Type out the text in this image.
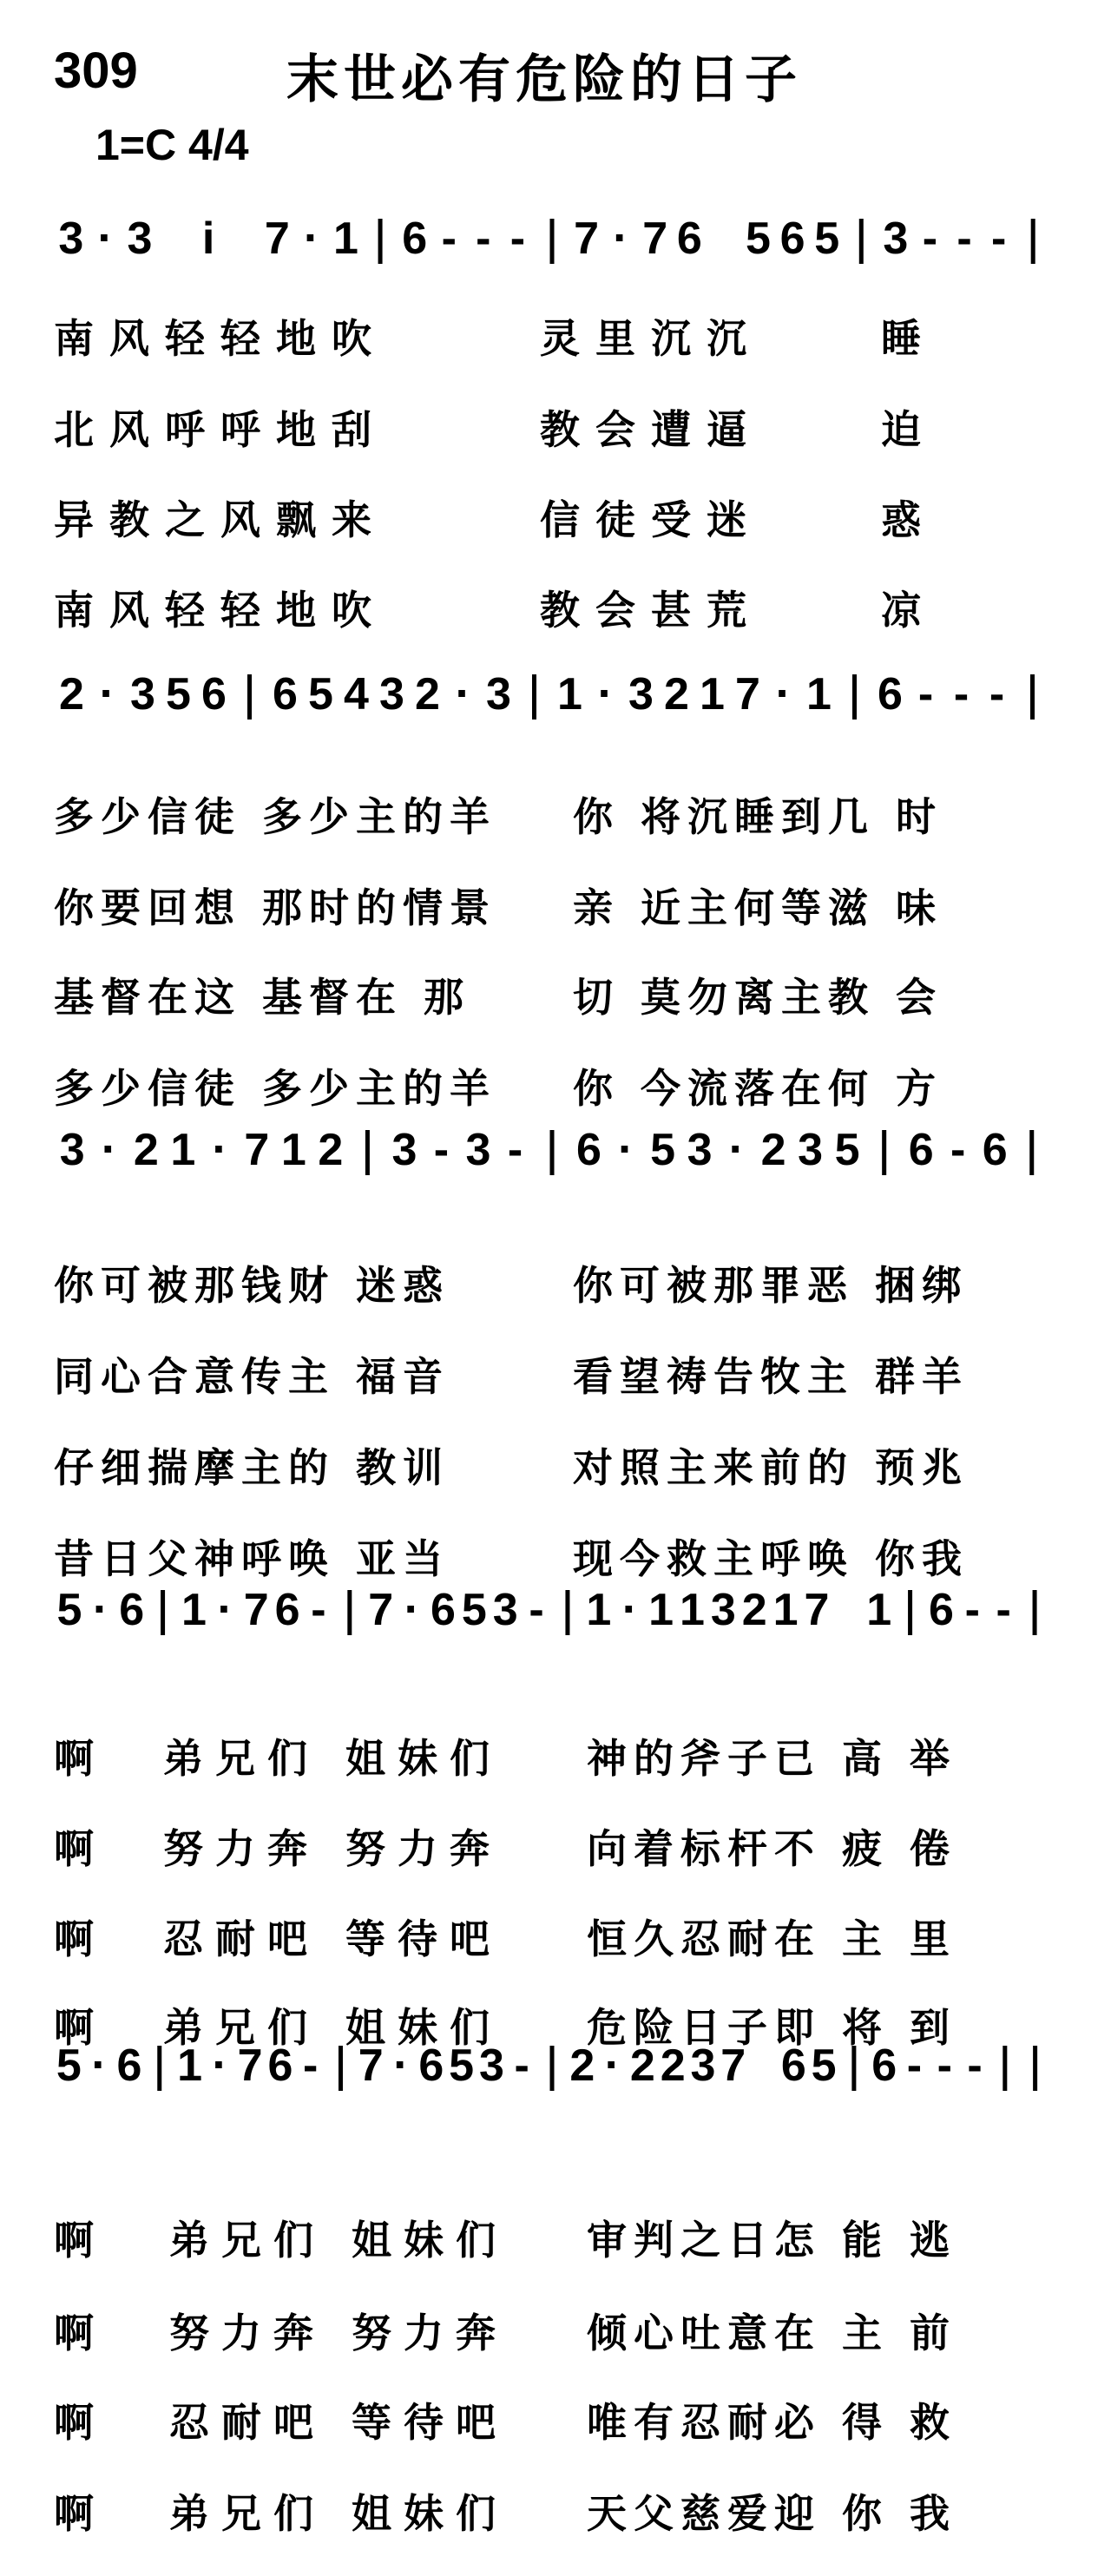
309	末世必有危险的日子
1=C 4/4
3 · 3 i 7 · 1 6 - - - 7 · 7 6 5 6 5 3 - - -
2 · 3 5 6 6 5 4 3 2 · 3 1 · 3 2 1 7 · 1 6 - - -
3 · 2 1 · 7 1 2 3 - 3 - 6 · 5 3 · 2 3 5 6 - 6
5 · 6 1 · 7 6 - 7 · 6 5 3 - 1 · 1 1 3 2 1 7 1 6 - -
5 · 6 1 · 7 6 - 7 · 6 5 3 - 2 · 2 2 3 7 6 5 6 - - -
南风轻轻地吹	灵里沉沉	睡
北风呼呼地刮	教会遭逼	迫
异教之风飘来	信徒受迷	惑
南风轻轻地吹	教会甚荒	凉
多少信徒 多少主的羊 你 将沉睡到几 时
你要回想 那时的情景 亲 近主何等滋 味
基督在这 基督在 那	切 莫勿离主教 会
多少信徒 多少主的羊 你 今流落在何 方
你可被那钱财 迷惑	你可被那罪恶 捆绑
同心合意传主 福音	看望祷告牧主 群羊
仔细揣摩主的 教训	对照主来前的 预兆
昔日父神呼唤 亚当	现今救主呼唤 你我
啊 弟兄们 姐妹们 神的斧子已 高 举
啊 努力奔 努力奔 向着标杆不 疲 倦
啊 忍耐吧 等待吧 恒久忍耐在 主 里
啊 弟兄们 姐妹们 危险日子即 将 到
啊 弟兄们 姐妹们 审判之日怎 能 逃
啊 努力奔 努力奔 倾心吐意在 主 前
啊 忍耐吧 等待吧 唯有忍耐必 得 救
啊 弟兄们 姐妹们 天父慈爱迎 你 我
